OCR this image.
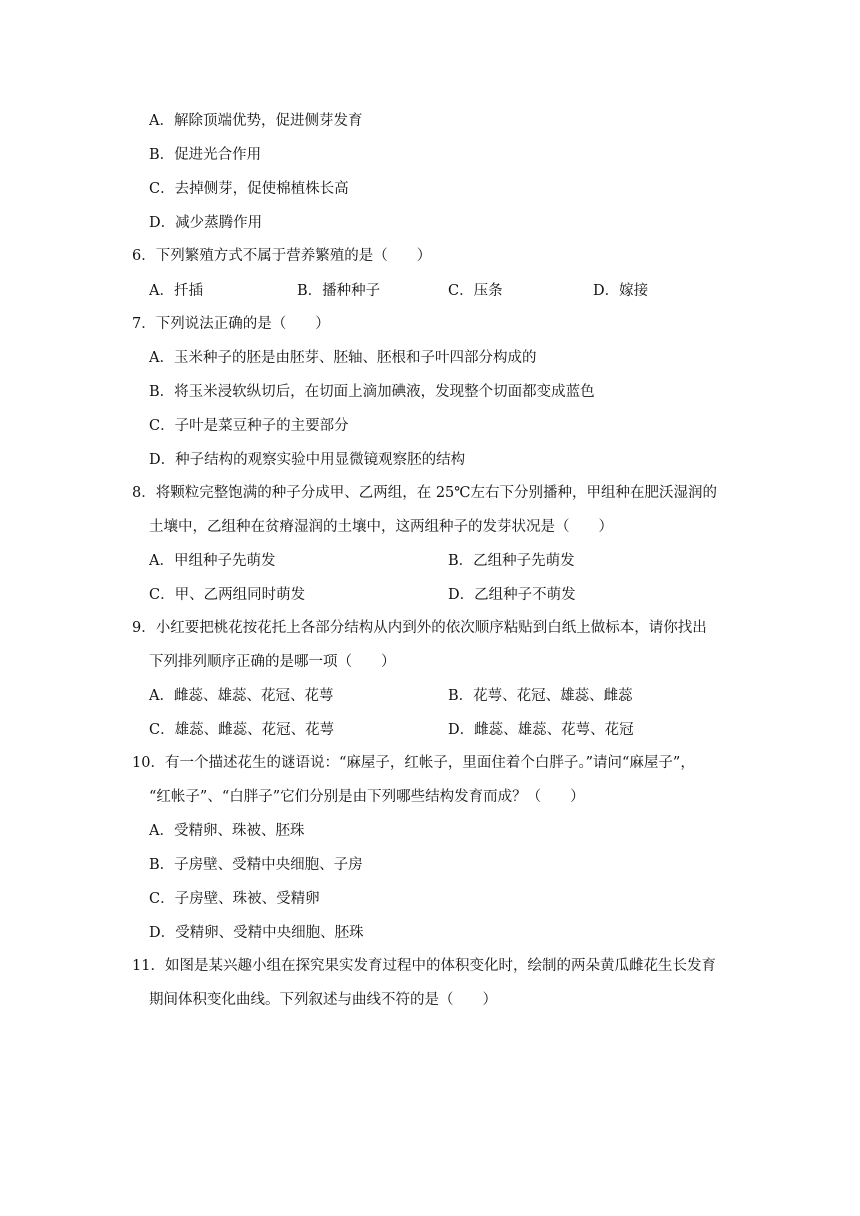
A．解除顶端优势，促进侧芽发育
B．促进光合作用
C．去掉侧芽，促使棉植株长高
D．减少蒸腾作用
6．下列繁殖方式不属于营养繁殖的是（　　）
A．扦插	B．播种种子	C．压条	D．嫁接
7．下列说法正确的是（　　）
A．玉米种子的胚是由胚芽、胚轴、胚根和子叶四部分构成的
B．将玉米浸软纵切后，在切面上滴加碘液，发现整个切面都变成蓝色
C．子叶是菜豆种子的主要部分
D．种子结构的观察实验中用显微镜观察胚的结构
8．将颗粒完整饱满的种子分成甲、乙两组，在 25℃左右下分别播种，甲组种在肥沃湿润的
土壤中，乙组种在贫瘠湿润的土壤中，这两组种子的发芽状况是（　　）
A．甲组种子先萌发	B．乙组种子先萌发
C．甲、乙两组同时萌发	D．乙组种子不萌发
9．小红要把桃花按花托上各部分结构从内到外的依次顺序粘贴到白纸上做标本，请你找出
下列排列顺序正确的是哪一项（　　）
A．雌蕊、雄蕊、花冠、花萼	B．花萼、花冠、雄蕊、雌蕊
C．雄蕊、雌蕊、花冠、花萼	D．雌蕊、雄蕊、花萼、花冠
10．有一个描述花生的谜语说：“麻屋子，红帐子，里面住着个白胖子。”请问“麻屋子”，
“红帐子”、“白胖子”它们分别是由下列哪些结构发育而成？（　　）
A．受精卵、珠被、胚珠
B．子房壁、受精中央细胞、子房
C．子房壁、珠被、受精卵
D．受精卵、受精中央细胞、胚珠
11．如图是某兴趣小组在探究果实发育过程中的体积变化时，绘制的两朵黄瓜雌花生长发育
期间体积变化曲线。下列叙述与曲线不符的是（　　）
